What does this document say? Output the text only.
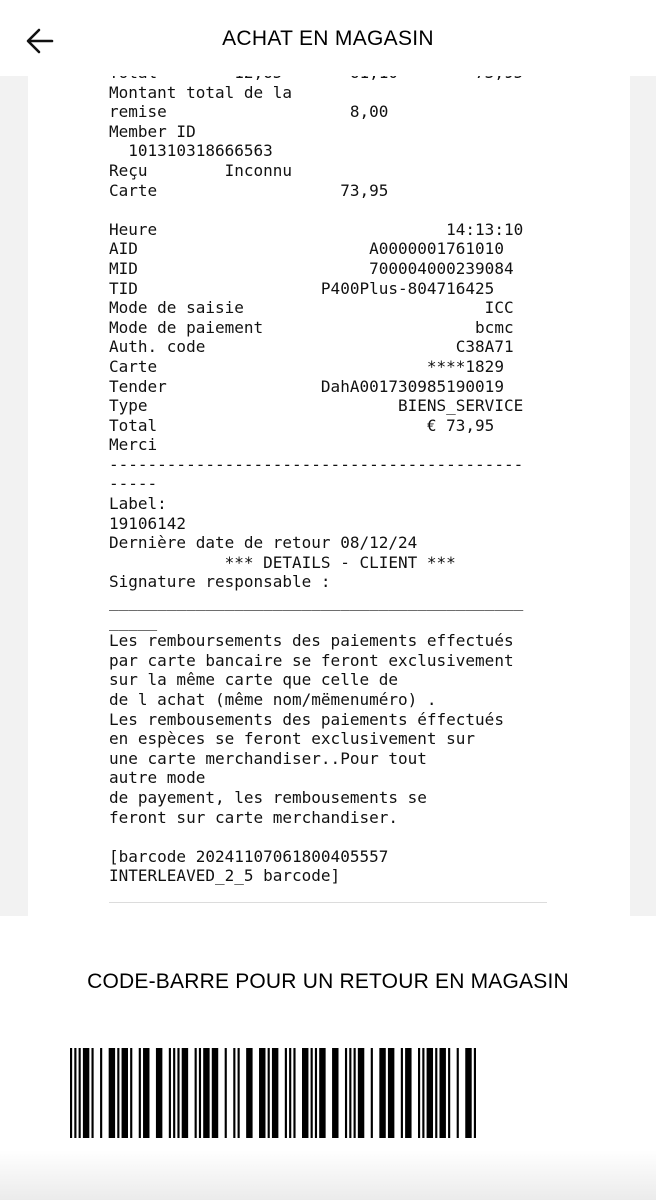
ACHAT EN MAGASIN

Montant total de la
remise                   8,00
Member ID
101310318666563
Reçu        Inconnu
Carte                   73,95

Heure                              14:13:10
AID                        A0000001761010
MID                        700004000239084
TID                   P400Plus-804716425
Mode de saisie                         ICC
Mode de paiement                      bcmc
Auth. code                          C38A71
Carte                            ****1829
Tender                DahA001730985190019
Type                          BIENS_SERVICE
Total                            € 73,95
Merci
-------------------------------------------
-----
Label:
19106142
Dernière date de retour 08/12/24
*** DETAILS - CLIENT ***
Signature responsable :
___________________________________________
_____
Les remboursements des paiements effectués
par carte bancaire se feront exclusivement
sur la même carte que celle de
de l achat (même nom/mëmenuméro) .
Les rembousements des paiements éffectués
en espèces se feront exclusivement sur
une carte merchandiser..Pour tout
autre mode
de payement, les rembousements se
feront sur carte merchandiser.

[barcode 20241107061800405557
INTERLEAVED_2_5 barcode]

CODE-BARRE POUR UN RETOUR EN MAGASIN
